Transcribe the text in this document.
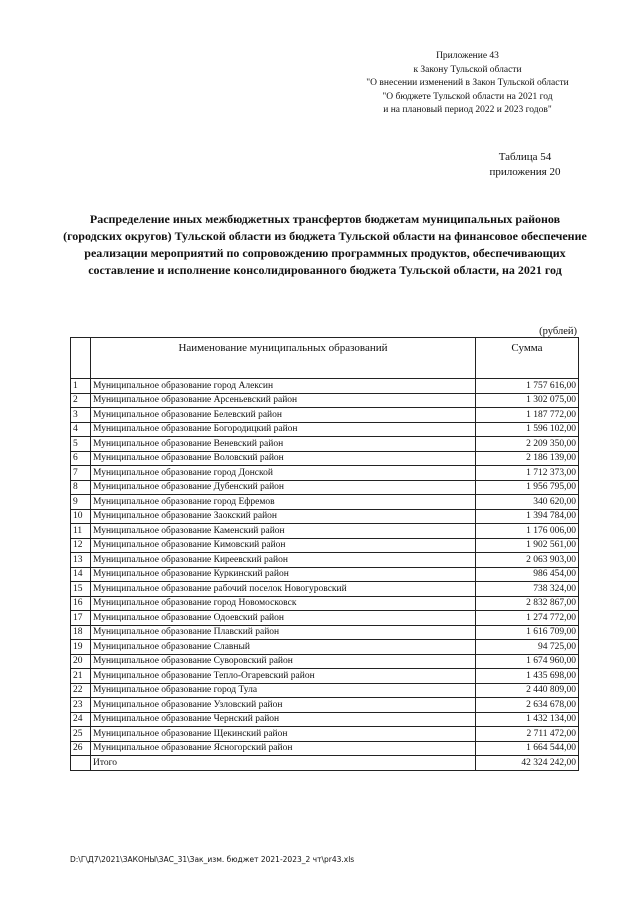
Приложение 43
к Закону Тульской области
"О внесении изменений в Закон Тульской области
"О бюджете Тульской области на 2021 год
и на плановый период 2022 и 2023 годов"
Таблица 54
приложения 20
Распределение иных межбюджетных трансфертов бюджетам муниципальных районов (городских округов) Тульской области из бюджета Тульской области на финансовое обеспечение реализации мероприятий по сопровождению программных продуктов, обеспечивающих составление и исполнение консолидированного бюджета Тульской области, на 2021 год
(рублей)
	Наименование муниципальных образований	Сумма
1	Муниципальное образование город Алексин	1 757 616,00
2	Муниципальное образование Арсеньевский район	1 302 075,00
3	Муниципальное образование Белевский район	1 187 772,00
4	Муниципальное образование Богородицкий район	1 596 102,00
5	Муниципальное образование Веневский район	2 209 350,00
6	Муниципальное образование Воловский район	2 186 139,00
7	Муниципальное образование город Донской	1 712 373,00
8	Муниципальное образование Дубенский район	1 956 795,00
9	Муниципальное образование город Ефремов	340 620,00
10	Муниципальное образование Заокский район	1 394 784,00
11	Муниципальное образование Каменский район	1 176 006,00
12	Муниципальное образование Кимовский район	1 902 561,00
13	Муниципальное образование Киреевский район	2 063 903,00
14	Муниципальное образование Куркинский район	986 454,00
15	Муниципальное образование рабочий поселок Новогуровский	738 324,00
16	Муниципальное образование город Новомосковск	2 832 867,00
17	Муниципальное образование Одоевский район	1 274 772,00
18	Муниципальное образование Плавский район	1 616 709,00
19	Муниципальное образование Славный	94 725,00
20	Муниципальное образование Суворовский район	1 674 960,00
21	Муниципальное образование Тепло-Огаревский район	1 435 698,00
22	Муниципальное образование город Тула	2 440 809,00
23	Муниципальное образование Узловский район	2 634 678,00
24	Муниципальное образование Чернский район	1 432 134,00
25	Муниципальное образование Щекинский район	2 711 472,00
26	Муниципальное образование Ясногорский район	1 664 544,00
	Итого	42 324 242,00
D:\Г\Д7\2021\ЗАКОНЫ\ЗАС_31\Зак_изм. бюджет 2021-2023_2 чт\pr43.xls
